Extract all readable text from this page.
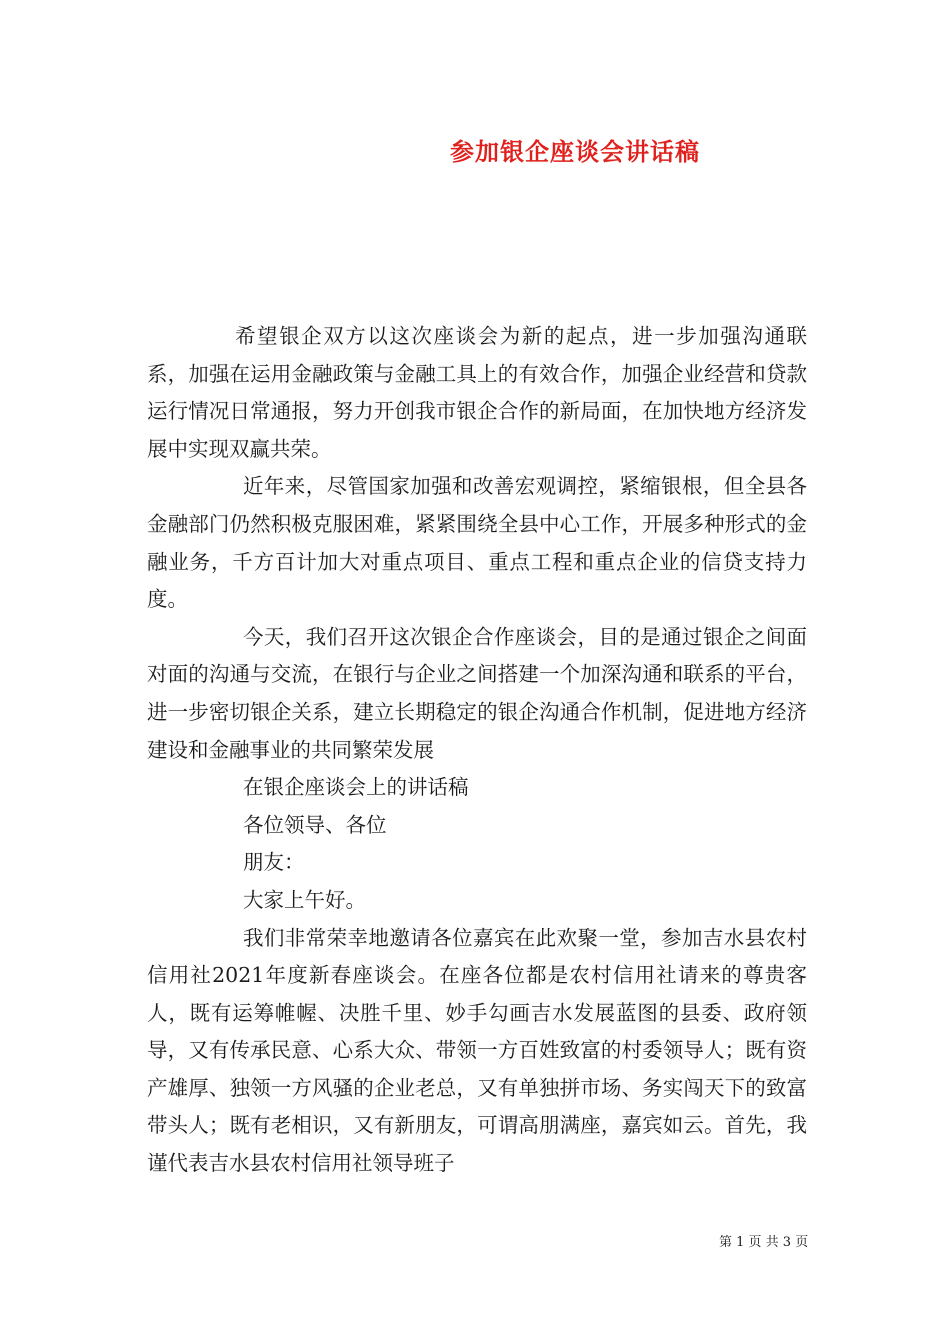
参加银企座谈会讲话稿

希望银企双方以这次座谈会为新的起点，进一步加强沟通联系，加强在运用金融政策与金融工具上的有效合作，加强企业经营和贷款运行情况日常通报，努力开创我市银企合作的新局面，在加快地方经济发展中实现双赢共荣。

近年来，尽管国家加强和改善宏观调控，紧缩银根，但全县各金融部门仍然积极克服困难，紧紧围绕全县中心工作，开展多种形式的金融业务，千方百计加大对重点项目、重点工程和重点企业的信贷支持力度。

今天，我们召开这次银企合作座谈会，目的是通过银企之间面对面的沟通与交流，在银行与企业之间搭建一个加深沟通和联系的平台，进一步密切银企关系，建立长期稳定的银企沟通合作机制，促进地方经济建设和金融事业的共同繁荣发展

在银企座谈会上的讲话稿

各位领导、各位

朋友：

大家上午好。

我们非常荣幸地邀请各位嘉宾在此欢聚一堂，参加吉水县农村信用社2021年度新春座谈会。在座各位都是农村信用社请来的尊贵客人，既有运筹帷幄、决胜千里、妙手勾画吉水发展蓝图的县委、政府领导，又有传承民意、心系大众、带领一方百姓致富的村委领导人；既有资产雄厚、独领一方风骚的企业老总，又有单独拼市场、务实闯天下的致富带头人；既有老相识，又有新朋友，可谓高朋满座，嘉宾如云。首先，我谨代表吉水县农村信用社领导班子

第 1 页 共 3 页
